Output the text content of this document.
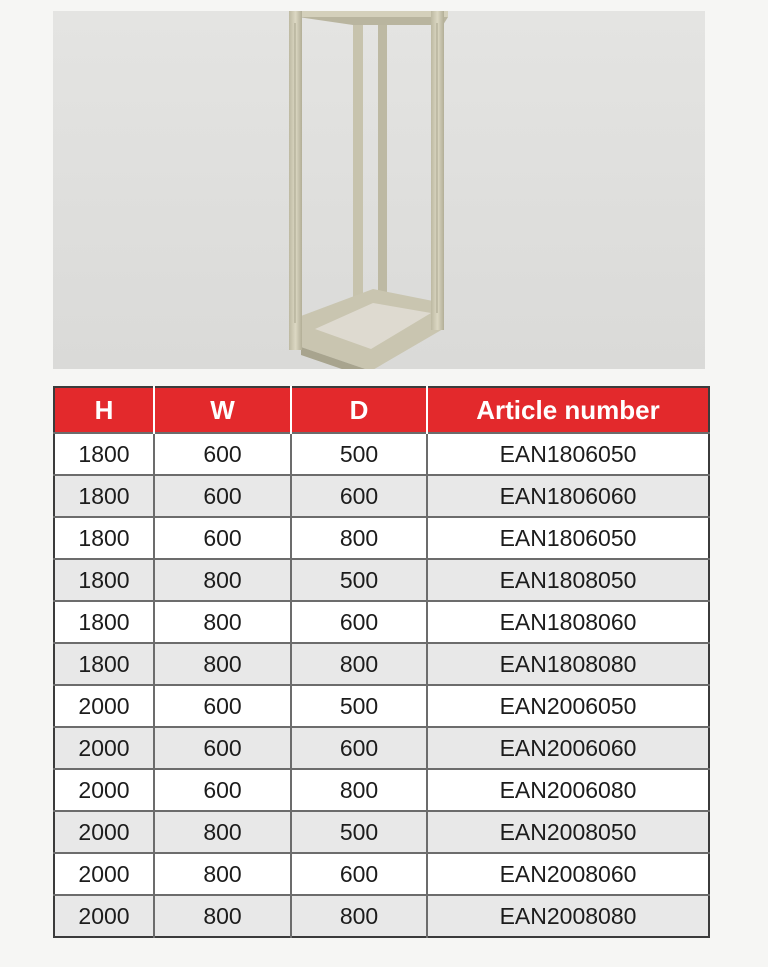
H	W	D	Article number
1800	600	500	EAN1806050
1800	600	600	EAN1806060
1800	600	800	EAN1806050
1800	800	500	EAN1808050
1800	800	600	EAN1808060
1800	800	800	EAN1808080
2000	600	500	EAN2006050
2000	600	600	EAN2006060
2000	600	800	EAN2006080
2000	800	500	EAN2008050
2000	800	600	EAN2008060
2000	800	800	EAN2008080
